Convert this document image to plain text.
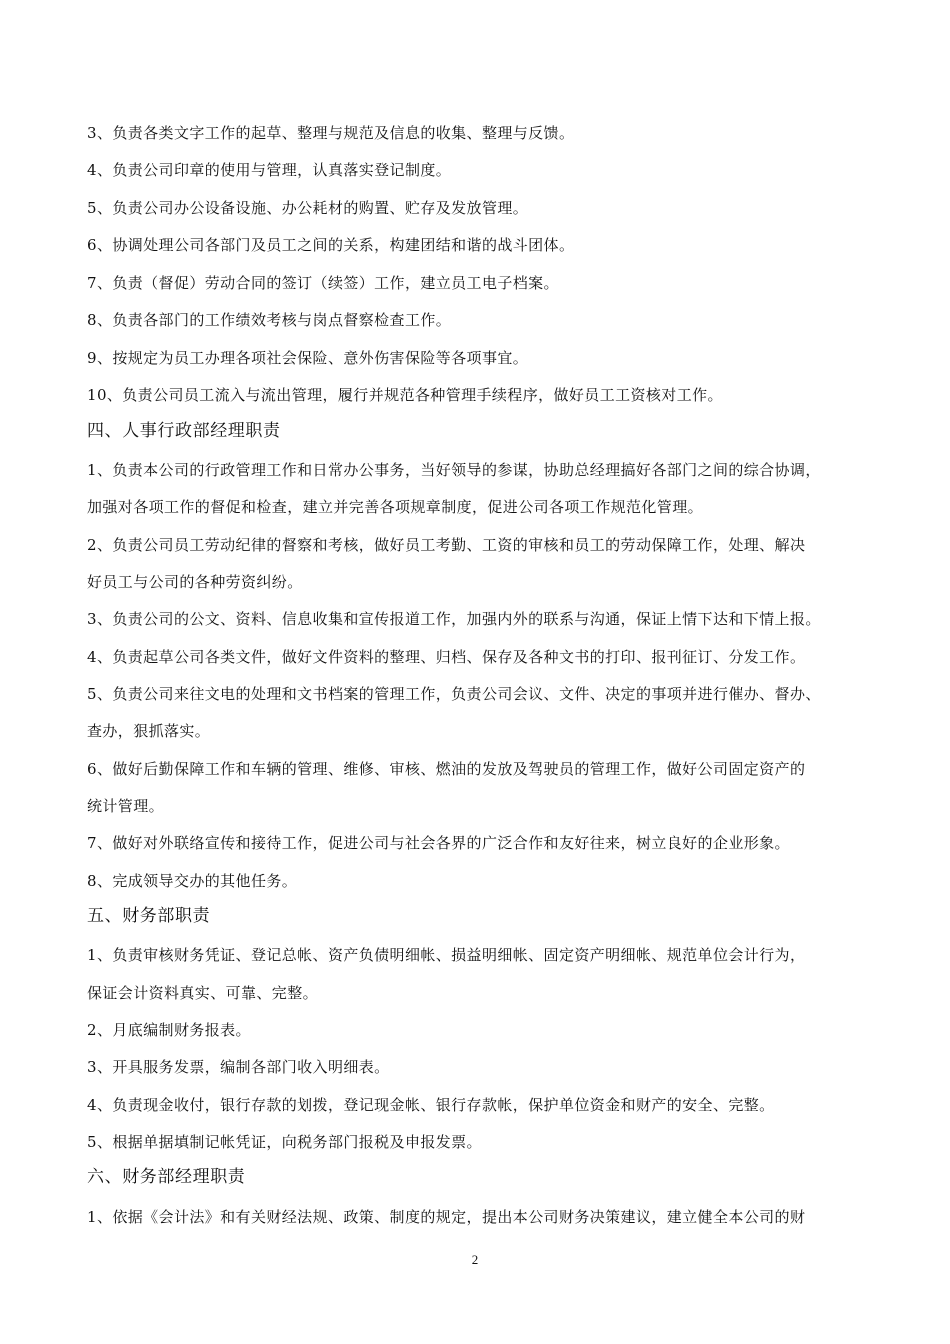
3、负责各类文字工作的起草、整理与规范及信息的收集、整理与反馈。
4、负责公司印章的使用与管理，认真落实登记制度。
5、负责公司办公设备设施、办公耗材的购置、贮存及发放管理。
6、协调处理公司各部门及员工之间的关系，构建团结和谐的战斗团体。
7、负责（督促）劳动合同的签订（续签）工作，建立员工电子档案。
8、负责各部门的工作绩效考核与岗点督察检查工作。
9、按规定为员工办理各项社会保险、意外伤害保险等各项事宜。
10、负责公司员工流入与流出管理，履行并规范各种管理手续程序，做好员工工资核对工作。
四、人事行政部经理职责
1、负责本公司的行政管理工作和日常办公事务，当好领导的参谋，协助总经理搞好各部门之间的综合协调，
加强对各项工作的督促和检查，建立并完善各项规章制度，促进公司各项工作规范化管理。
2、负责公司员工劳动纪律的督察和考核，做好员工考勤、工资的审核和员工的劳动保障工作，处理、解决
好员工与公司的各种劳资纠纷。
3、负责公司的公文、资料、信息收集和宣传报道工作，加强内外的联系与沟通，保证上情下达和下情上报。
4、负责起草公司各类文件，做好文件资料的整理、归档、保存及各种文书的打印、报刊征订、分发工作。
5、负责公司来往文电的处理和文书档案的管理工作，负责公司会议、文件、决定的事项并进行催办、督办、
查办，狠抓落实。
6、做好后勤保障工作和车辆的管理、维修、审核、燃油的发放及驾驶员的管理工作，做好公司固定资产的
统计管理。
7、做好对外联络宣传和接待工作，促进公司与社会各界的广泛合作和友好往来，树立良好的企业形象。
8、完成领导交办的其他任务。
五、财务部职责
1、负责审核财务凭证、登记总帐、资产负债明细帐、损益明细帐、固定资产明细帐、规范单位会计行为，
保证会计资料真实、可靠、完整。
2、月底编制财务报表。
3、开具服务发票，编制各部门收入明细表。
4、负责现金收付，银行存款的划拨，登记现金帐、银行存款帐，保护单位资金和财产的安全、完整。
5、根据单据填制记帐凭证，向税务部门报税及申报发票。
六、财务部经理职责
1、依据《会计法》和有关财经法规、政策、制度的规定，提出本公司财务决策建议，建立健全本公司的财
2
